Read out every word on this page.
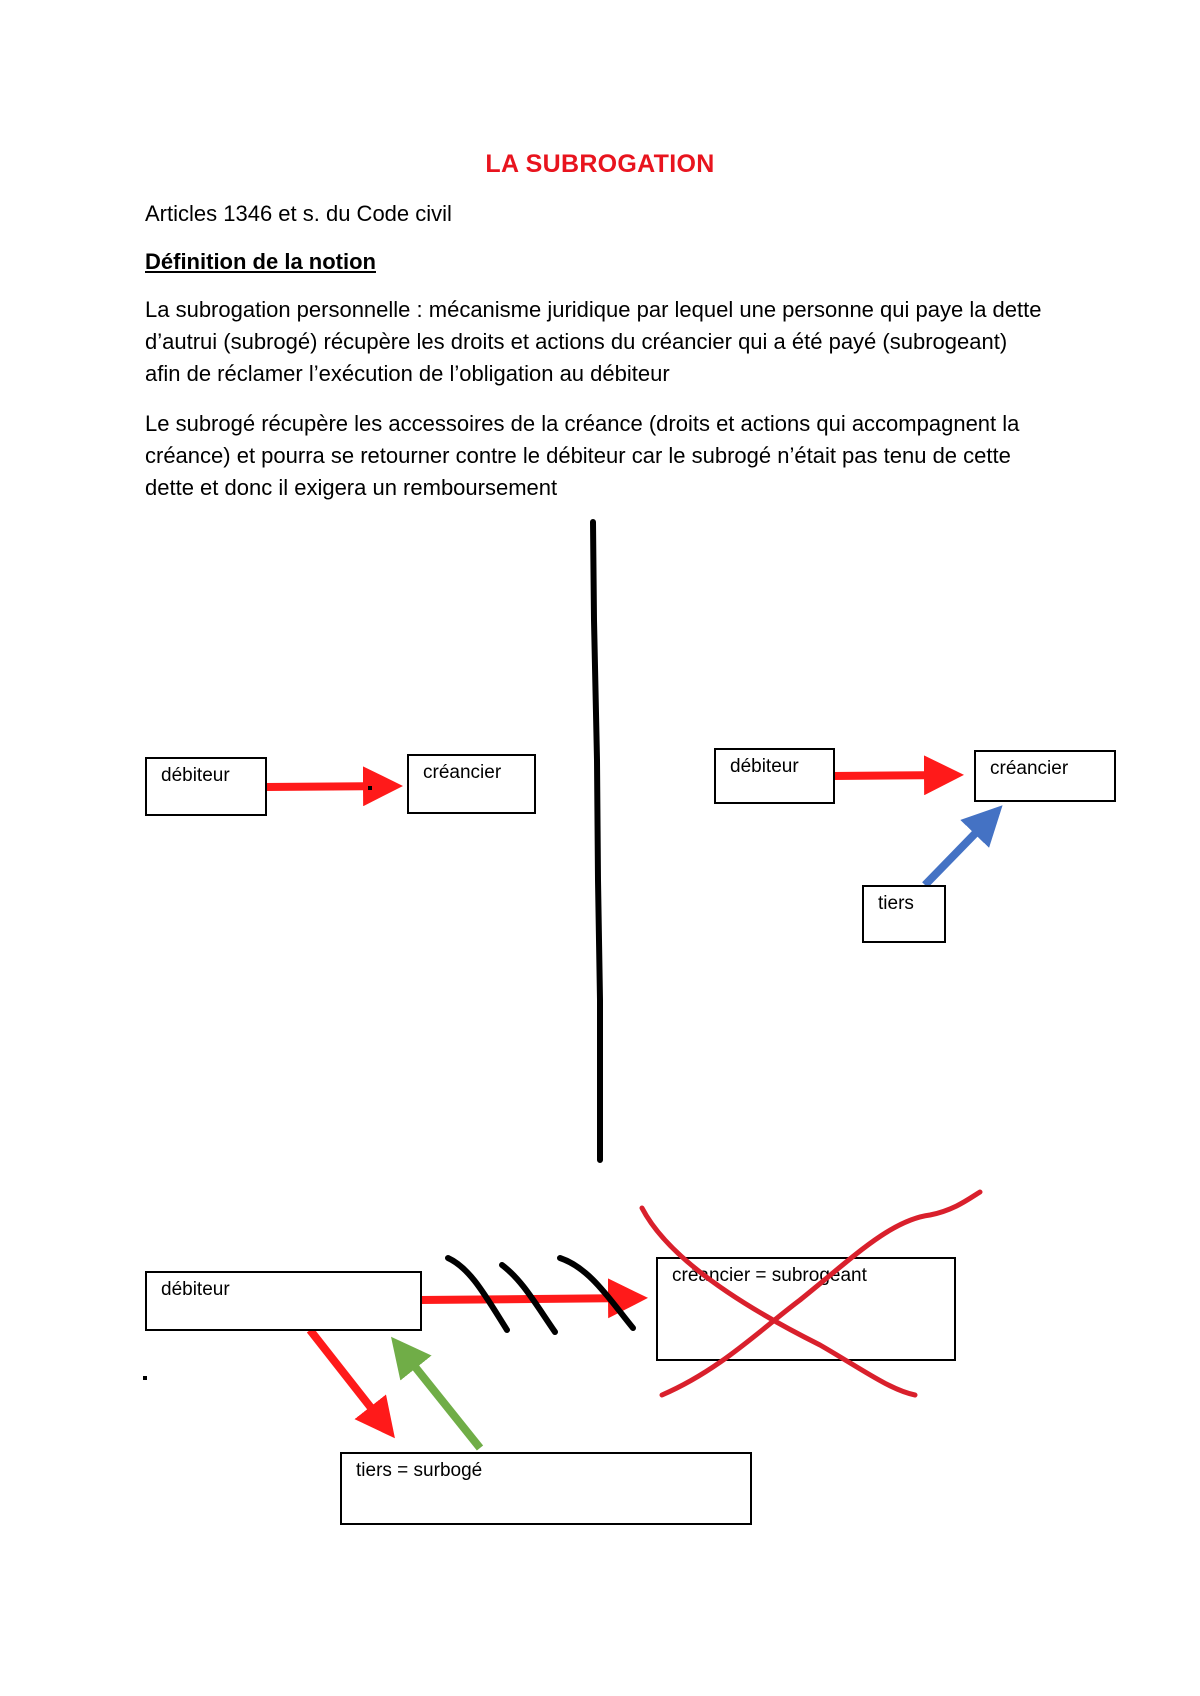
LA SUBROGATION
Articles 1346 et s. du Code civil
Définition de la notion
La subrogation personnelle : mécanisme juridique par lequel une personne qui paye la dette
d’autrui (subrogé) récupère les droits et actions du créancier qui a été payé (subrogeant)
afin de réclamer l’exécution de l’obligation au débiteur
Le subrogé récupère les accessoires de la créance (droits et actions qui accompagnent la
créance) et pourra se retourner contre le débiteur car le subrogé n’était pas tenu de cette
dette et donc il exigera un remboursement
débiteur	créancier	débiteur	créancier
tiers
débiteur
créancier = subrogeant
tiers = surbogé
